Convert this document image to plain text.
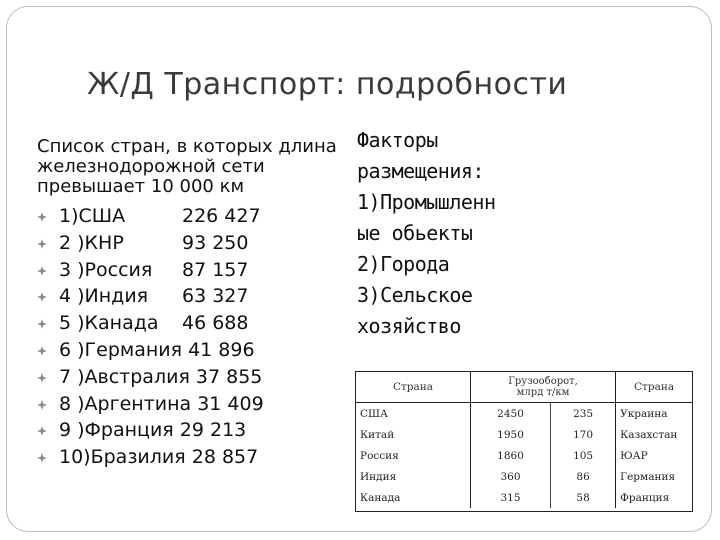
Ж/Д Транспорт: подробности
Список стран, в которых длина
железнодорожной сети
превышает 10 000 км
1)США	226 427
2 )КНР	93 250
3 )Россия 87 157
4 )Индия 63 327
5 )Канада 46 688
6 )Германия 41 896
7 )Австралия 37 855
8 )Аргентина 31 409
9 )Франция 29 213
10)Бразилия 28 857
Факторы
размещения:
1)Промышленн
ые обьекты
2)Города
3)Сельское
хозяйство
Страна	Грузооборот,
млрд т/км		Страна
США	2450	235	Украина
Китай	1950	170	Казахстан
Россия	1860	105	ЮАР
Индия	360	86	Германия
Канада	315	58	Франция
